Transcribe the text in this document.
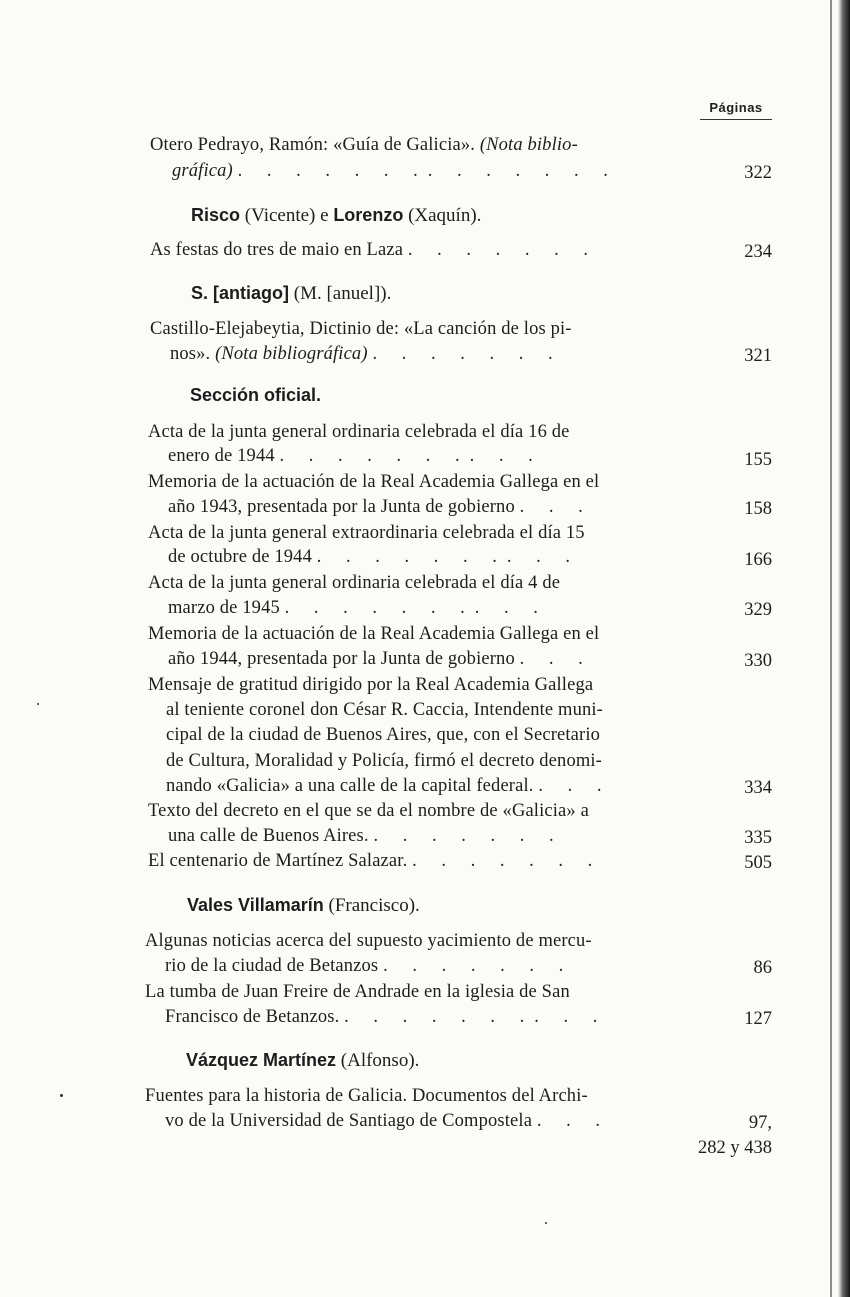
Páginas
Otero Pedrayo, Ramón: «Guía de Galicia». (Nota biblio-
gráfica) . . . . . . .. . . . . . .	322
Risco (Vicente) e Lorenzo (Xaquín).
As festas do tres de maio en Laza . . . . . . .	234
S. [antiago] (M. [anuel]).
Castillo-Elejabeytia, Dictinio de: «La canción de los pi-
nos». (Nota bibliográfica) . . . . . . .	321
Sección oficial.
Acta de la junta general ordinaria celebrada el día 16 de
enero de 1944 . . . . . . .. . .	155
Memoria de la actuación de la Real Academia Gallega en el
año 1943, presentada por la Junta de gobierno . . .	158
Acta de la junta general extraordinaria celebrada el día 15
de octubre de 1944 . . . . . . .. . .	166
Acta de la junta general ordinaria celebrada el día 4 de
marzo de 1945 . . . . . . .. . .	329
Memoria de la actuación de la Real Academia Gallega en el
año 1944, presentada por la Junta de gobierno . . .	330
Mensaje de gratitud dirigido por la Real Academia Gallega
al teniente coronel don César R. Caccia, Intendente muni-
cipal de la ciudad de Buenos Aires, que, con el Secretario
de Cultura, Moralidad y Policía, firmó el decreto denomi-
nando «Galicia» a una calle de la capital federal. . . .	334
Texto del decreto en el que se da el nombre de «Galicia» a
una calle de Buenos Aires. . . . . . . .	335
El centenario de Martínez Salazar. . . . . . . .	505
Vales Villamarín (Francisco).
Algunas noticias acerca del supuesto yacimiento de mercu-
rio de la ciudad de Betanzos . . . . . . .	86
La tumba de Juan Freire de Andrade en la iglesia de San
Francisco de Betanzos. . . . . . . .. . .	127
Vázquez Martínez (Alfonso).
Fuentes para la historia de Galicia. Documentos del Archi-
vo de la Universidad de Santiago de Compostela . . .	97,
282 y 438
